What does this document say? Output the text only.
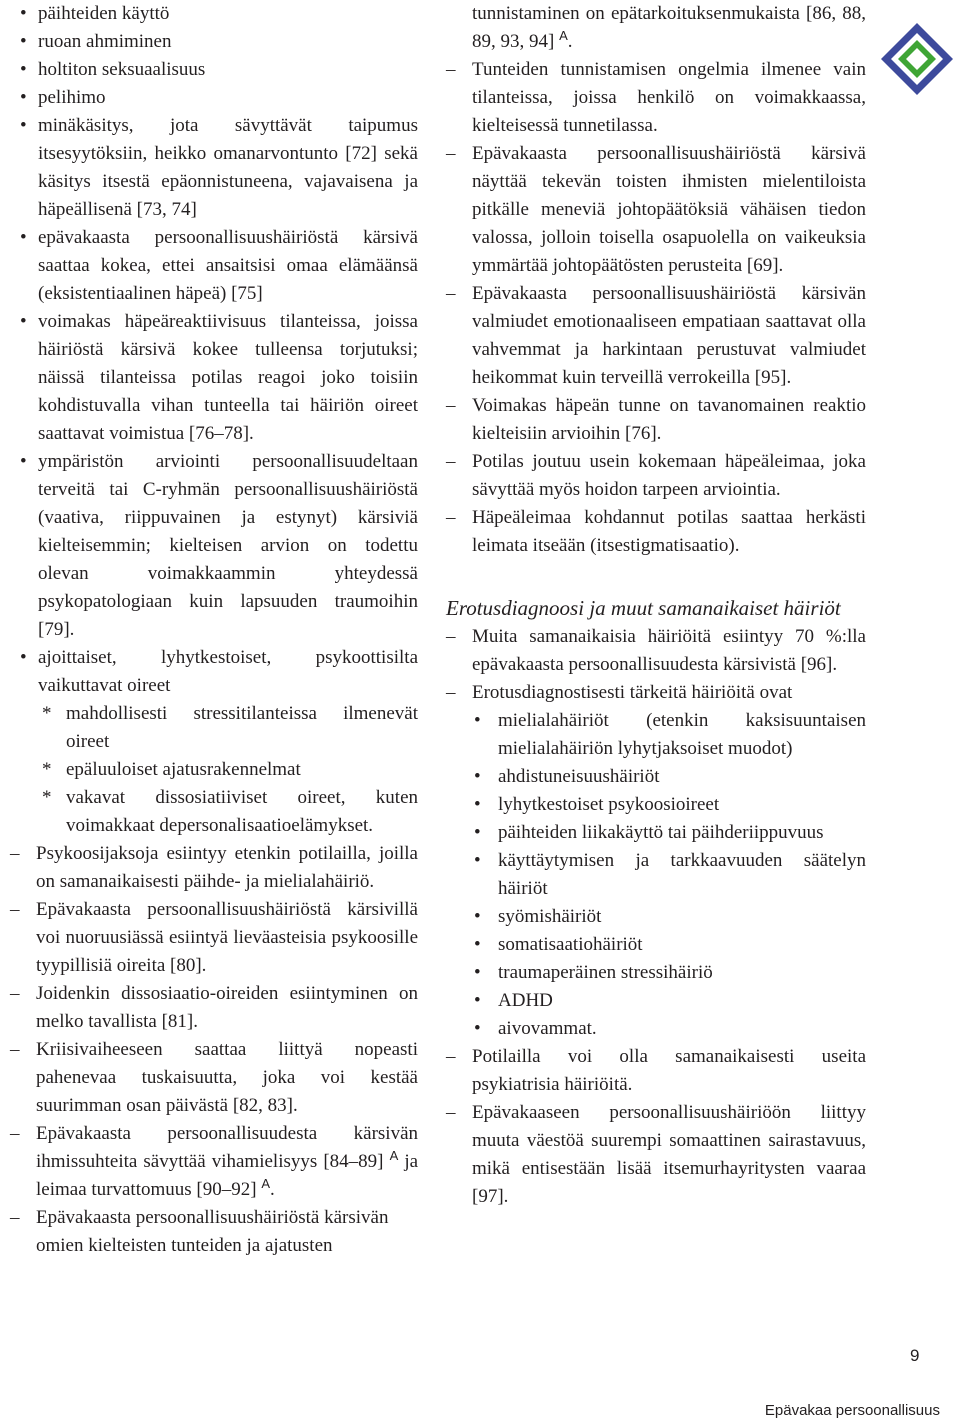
• päihteiden käyttö
• ruoan ahmiminen
• holtiton seksuaalisuus
• pelihimo
• minäkäsitys, jota sävyttävät taipumus itsesyytöksiin, heikko omanarvontunto [72] sekä käsitys itsestä epäonnistuneena, vajavaisena ja häpeällisenä [73, 74]
• epävakaasta persoonallisuushäiriöstä kärsivä saattaa kokea, ettei ansaitsisi omaa elämäänsä (eksistentiaalinen häpeä) [75]
• voimakas häpeäreaktiivisuus tilanteissa, joissa häiriöstä kärsivä kokee tulleensa torjutuksi; näissä tilanteissa potilas reagoi joko toisiin kohdistuvalla vihan tunteella tai häiriön oireet saattavat voimistua [76–78].
• ympäristön arviointi persoonallisuudeltaan terveitä tai C-ryhmän persoonallisuushäiriöstä (vaativa, riippuvainen ja estynyt) kärsiviä kielteisemmin; kielteisen arvion on todettu olevan voimakkaammin yhteydessä psykopatologiaan kuin lapsuuden traumoihin [79].
• ajoittaiset, lyhytkestoiset, psykoottisilta vaikuttavat oireet
* mahdollisesti stressitilanteissa ilmenevät oireet
* epäluuloiset ajatusrakennelmat
* vakavat dissosiatiiviset oireet, kuten voimakkaat depersonalisaatioelämykset.
– Psykoosijaksoja esiintyy etenkin potilailla, joilla on samanaikaisesti päihde- ja mielialahäiriö.
– Epävakaasta persoonallisuushäiriöstä kärsivillä voi nuoruusiässä esiintyä lieväasteisia psykoosille tyypillisiä oireita [80].
– Joidenkin dissosiaatio-oireiden esiintyminen on melko tavallista [81].
– Kriisivaiheeseen saattaa liittyä nopeasti pahenevaa tuskaisuutta, joka voi kestää suurimman osan päivästä [82, 83].
– Epävakaasta persoonallisuudesta kärsivän ihmissuhteita sävyttää vihamielisyys [84–89] $^A$ ja leimaa turvattomuus [90–92] $^A$.
– Epävakaasta persoonallisuushäiriöstä kärsivän omien kielteisten tunteiden ja ajatusten
tunnistaminen on epätarkoituksenmukaista [86, 88, 89, 93, 94] $^A$.
– Tunteiden tunnistamisen ongelmia ilmenee vain tilanteissa, joissa henkilö on voimakkaassa, kielteisessä tunnetilassa.
– Epävakaasta persoonallisuushäiriöstä kärsivä näyttää tekevän toisten ihmisten mielentiloista pitkälle meneviä johtopäätöksiä vähäisen tiedon valossa, jolloin toisella osapuolella on vaikeuksia ymmärtää johtopäätösten perusteita [69].
– Epävakaasta persoonallisuushäiriöstä kärsivän valmiudet emotionaaliseen empatiaan saattavat olla vahvemmat ja harkintaan perustuvat valmiudet heikommat kuin terveillä verrokeilla [95].
– Voimakas häpeän tunne on tavanomainen reaktio kielteisiin arvioihin [76].
– Potilas joutuu usein kokemaan häpeäleimaa, joka sävyttää myös hoidon tarpeen arviointia.
– Häpeäleimaa kohdannut potilas saattaa herkästi leimata itseään (itsestigmatisaatio).
Erotusdiagnoosi ja muut samanaikaiset häiriöt
– Muita samanaikaisia häiriöitä esiintyy 70 %:lla epävakaasta persoonallisuudesta kärsivistä [96].
– Erotusdiagnostisesti tärkeitä häiriöitä ovat
• mielialahäiriöt (etenkin kaksisuuntaisen mielialahäiriön lyhytjaksoiset muodot)
• ahdistuneisuushäiriöt
• lyhytkestoiset psykoosioireet
• päihteiden liikakäyttö tai päihderiippuvuus
• käyttäytymisen ja tarkkaavuuden säätelyn häiriöt
• syömishäiriöt
• somatisaatiohäiriöt
• traumaperäinen stressihäiriö
• ADHD
• aivovammat.
– Potilailla voi olla samanaikaisesti useita psykiatrisia häiriöitä.
– Epävakaaseen persoonallisuushäiriöön liittyy muuta väestöä suurempi somaattinen sairastavuus, mikä entisestään lisää itsemurhayritysten vaaraa [97].
9
Epävakaa persoonallisuus
